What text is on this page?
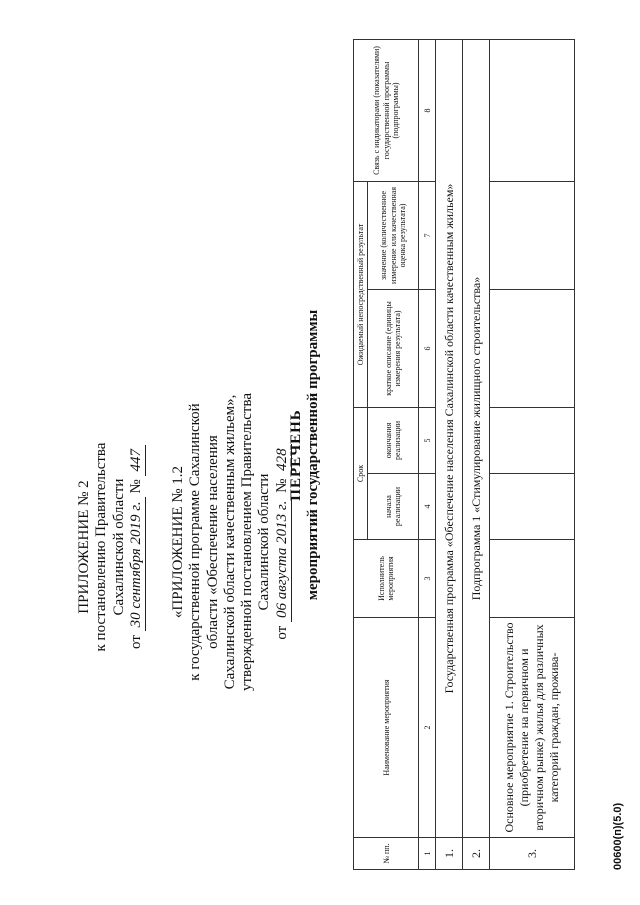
ПРИЛОЖЕНИЕ № 2 к постановлению Правительства Сахалинской области
от 30 сентября 2019 г. № 447
«ПРИЛОЖЕНИЕ № 1.2 к государственной программе Сахалинской области «Обеспечение населения Сахалинской области качественным жильем», утвержденной постановлением Правительства Сахалинской области
от 06 августа 2013 г. № 428
ПЕРЕЧЕНЬ мероприятий государственной программы
№ пп.	Наименование мероприятия	Исполнитель мероприятия	Срок		Ожидаемый непосредственный результат		Связь с индикаторами (показателями) государственной программы (подпрограммы)
			начала реализации	окончания реализации	краткое описание (единицы измерения результата)	значение (количественное измерение или качественная оценка результата)	
1	2	3	4	5	6	7	8
1.	Государственная программа «Обеспечение населения Сахалинской области качественным жильем»						
2.	Подпрограмма 1 «Стимулирование жилищного строительства»						
3.	Основное мероприятие 1. Строительство (приобретение на первичном и вторичном рынке) жилья для различных категорий граждан, прожива-						
00600(п)(5.0)
